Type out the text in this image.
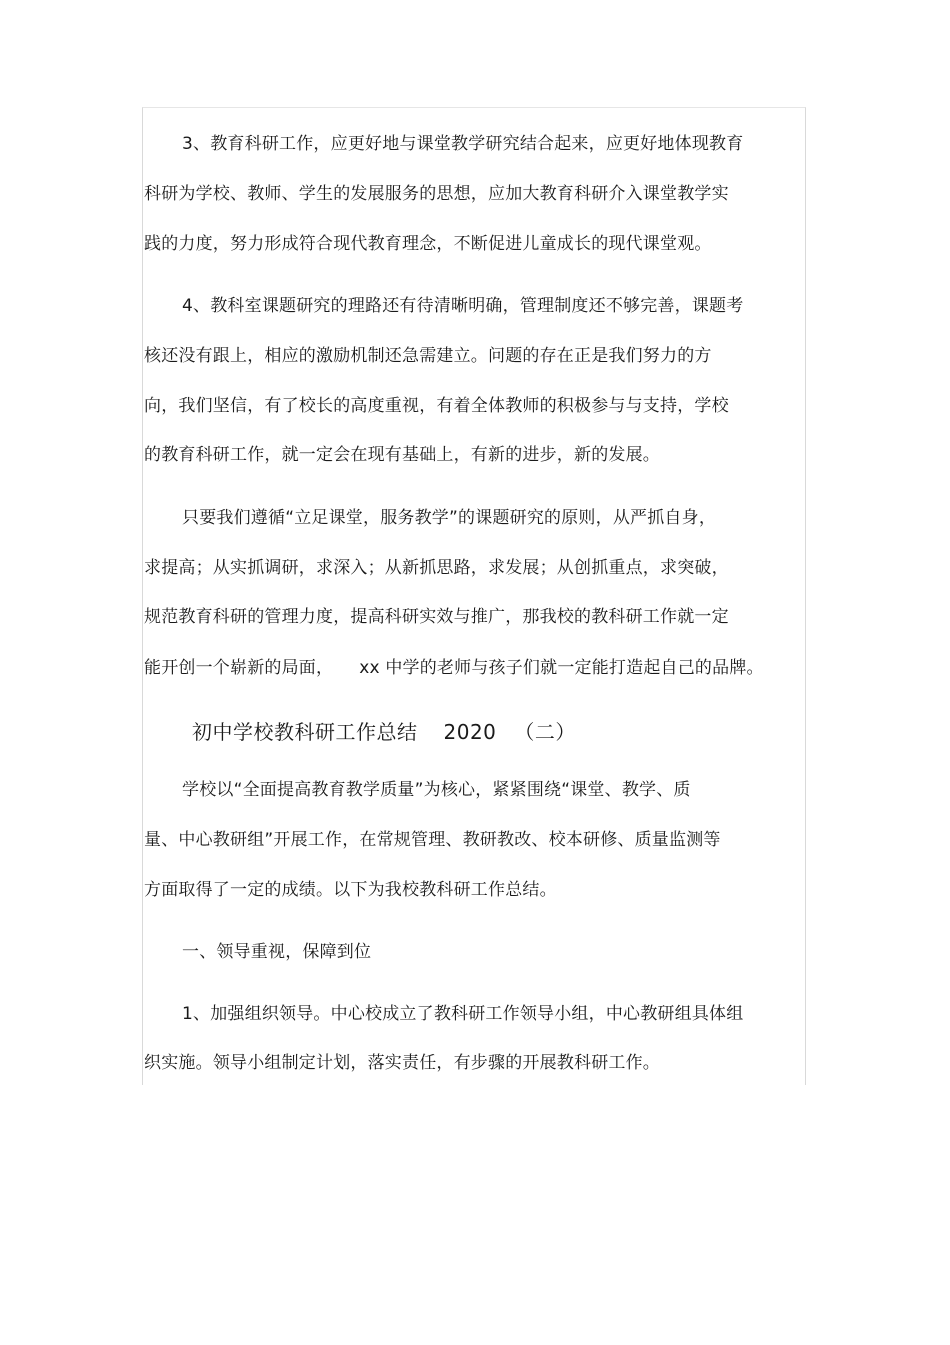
3、教育科研工作，应更好地与课堂教学研究结合起来，应更好地体现教育
科研为学校、教师、学生的发展服务的思想，应加大教育科研介入课堂教学实
践的力度，努力形成符合现代教育理念，不断促进儿童成长的现代课堂观。
4、教科室课题研究的理路还有待清晰明确，管理制度还不够完善，课题考
核还没有跟上，相应的激励机制还急需建立。问题的存在正是我们努力的方
向，我们坚信，有了校长的高度重视，有着全体教师的积极参与与支持，学校
的教育科研工作，就一定会在现有基础上，有新的进步，新的发展。
只要我们遵循“立足课堂，服务教学”的课题研究的原则，从严抓自身，
求提高；从实抓调研，求深入；从新抓思路，求发展；从创抓重点，求突破，
规范教育科研的管理力度，提高科研实效与推广，那我校的教科研工作就一定
能开创一个崭新的局面， xx 中学的老师与孩子们就一定能打造起自己的品牌。
初中学校教科研工作总结 2020 （二）
学校以“全面提高教育教学质量”为核心，紧紧围绕“课堂、教学、质
量、中心教研组”开展工作，在常规管理、教研教改、校本研修、质量监测等
方面取得了一定的成绩。以下为我校教科研工作总结。
一、领导重视，保障到位
1、加强组织领导。中心校成立了教科研工作领导小组，中心教研组具体组
织实施。领导小组制定计划，落实责任，有步骤的开展教科研工作。
